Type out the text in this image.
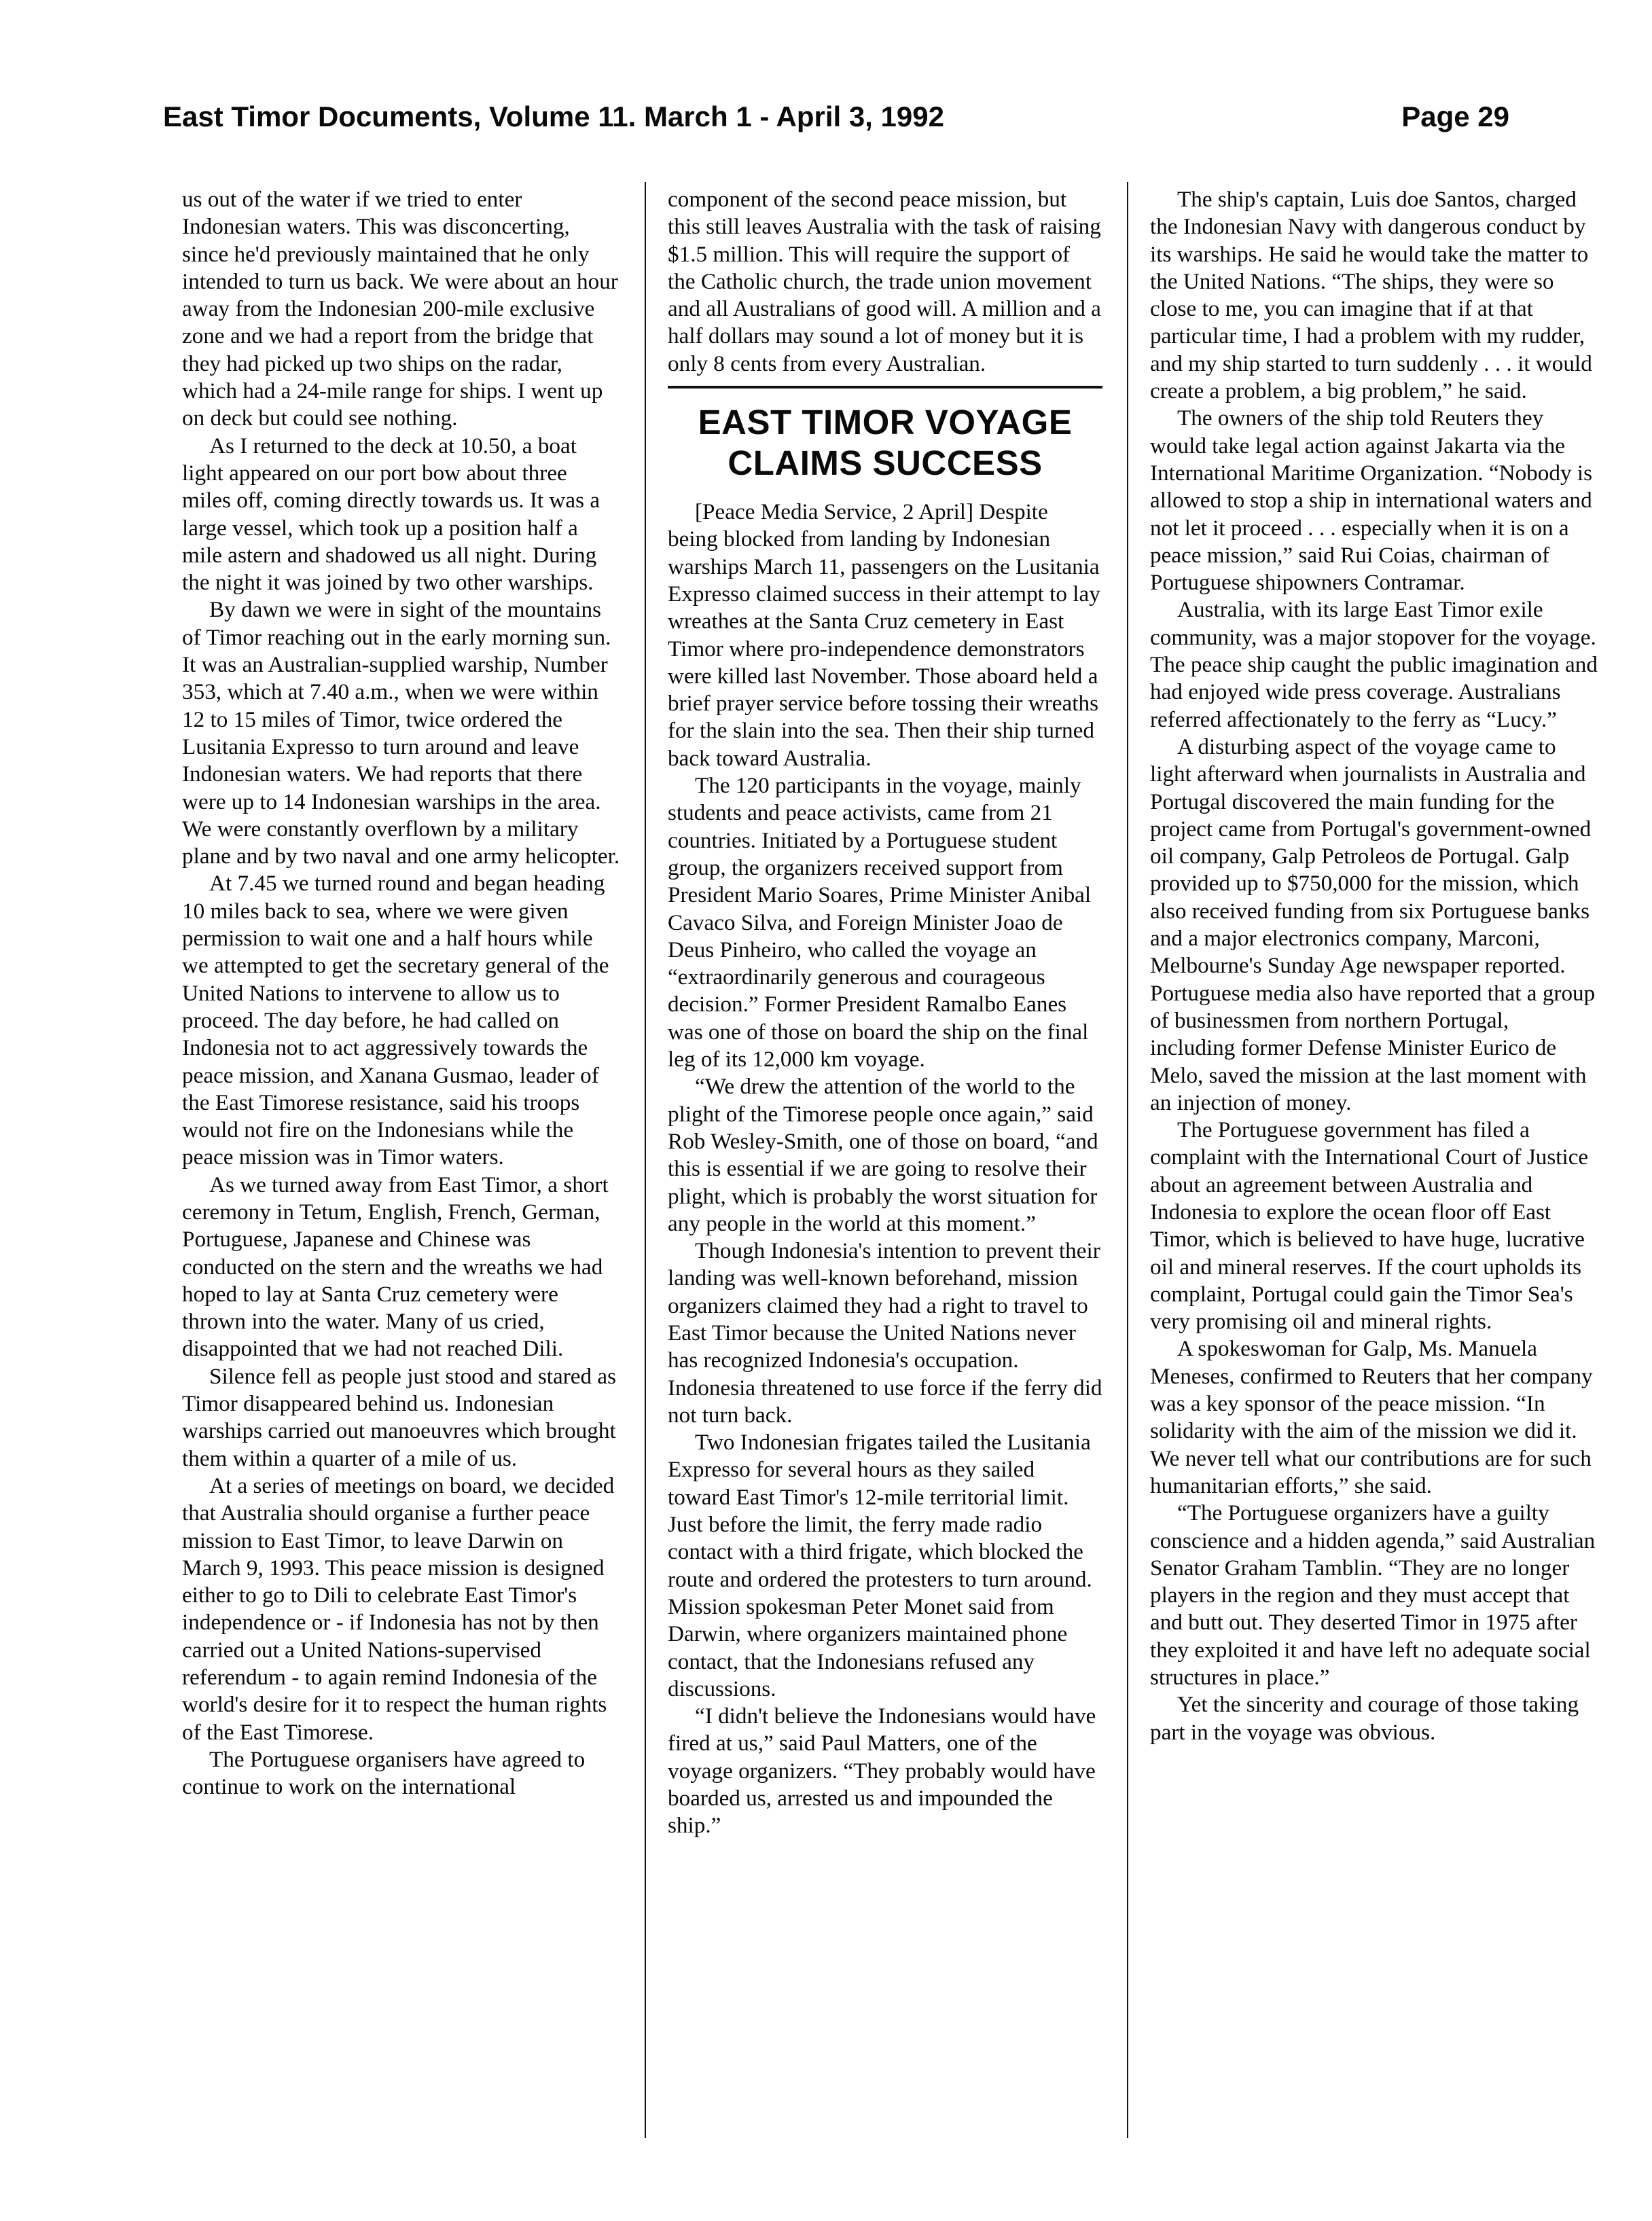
East Timor Documents, Volume 11. March 1 - April 3, 1992	Page 29

us out of the water if we tried to enter Indonesian waters. This was disconcerting, since he'd previously maintained that he only intended to turn us back. We were about an hour away from the Indonesian 200-mile exclusive zone and we had a report from the bridge that they had picked up two ships on the radar, which had a 24-mile range for ships. I went up on deck but could see nothing.

As I returned to the deck at 10.50, a boat light appeared on our port bow about three miles off, coming directly towards us. It was a large vessel, which took up a position half a mile astern and shadowed us all night. During the night it was joined by two other warships.

By dawn we were in sight of the mountains of Timor reaching out in the early morning sun. It was an Australian-supplied warship, Number 353, which at 7.40 a.m., when we were within 12 to 15 miles of Timor, twice ordered the Lusitania Expresso to turn around and leave Indonesian waters. We had reports that there were up to 14 Indonesian warships in the area. We were constantly overflown by a military plane and by two naval and one army helicopter.

At 7.45 we turned round and began heading 10 miles back to sea, where we were given permission to wait one and a half hours while we attempted to get the secretary general of the United Nations to intervene to allow us to proceed. The day before, he had called on Indonesia not to act aggressively towards the peace mission, and Xanana Gusmao, leader of the East Timorese resistance, said his troops would not fire on the Indonesians while the peace mission was in Timor waters.

As we turned away from East Timor, a short ceremony in Tetum, English, French, German, Portuguese, Japanese and Chinese was conducted on the stern and the wreaths we had hoped to lay at Santa Cruz cemetery were thrown into the water. Many of us cried, disappointed that we had not reached Dili.

Silence fell as people just stood and stared as Timor disappeared behind us. Indonesian warships carried out manoeuvres which brought them within a quarter of a mile of us.

At a series of meetings on board, we decided that Australia should organise a further peace mission to East Timor, to leave Darwin on March 9, 1993. This peace mission is designed either to go to Dili to celebrate East Timor's independence or - if Indonesia has not by then carried out a United Nations-supervised referendum - to again remind Indonesia of the world's desire for it to respect the human rights of the East Timorese.

The Portuguese organisers have agreed to continue to work on the international

component of the second peace mission, but this still leaves Australia with the task of raising $1.5 million. This will require the support of the Catholic church, the trade union movement and all Australians of good will. A million and a half dollars may sound a lot of money but it is only 8 cents from every Australian.

EAST TIMOR VOYAGE CLAIMS SUCCESS

[Peace Media Service, 2 April] Despite being blocked from landing by Indonesian warships March 11, passengers on the Lusitania Expresso claimed success in their attempt to lay wreathes at the Santa Cruz cemetery in East Timor where pro-independence demonstrators were killed last November. Those aboard held a brief prayer service before tossing their wreaths for the slain into the sea. Then their ship turned back toward Australia.

The 120 participants in the voyage, mainly students and peace activists, came from 21 countries. Initiated by a Portuguese student group, the organizers received support from President Mario Soares, Prime Minister Anibal Cavaco Silva, and Foreign Minister Joao de Deus Pinheiro, who called the voyage an “extraordinarily generous and courageous decision.” Former President Ramalbo Eanes was one of those on board the ship on the final leg of its 12,000 km voyage.

“We drew the attention of the world to the plight of the Timorese people once again,” said Rob Wesley-Smith, one of those on board, “and this is essential if we are going to resolve their plight, which is probably the worst situation for any people in the world at this moment.”

Though Indonesia's intention to prevent their landing was well-known beforehand, mission organizers claimed they had a right to travel to East Timor because the United Nations never has recognized Indonesia's occupation. Indonesia threatened to use force if the ferry did not turn back.

Two Indonesian frigates tailed the Lusitania Expresso for several hours as they sailed toward East Timor's 12-mile territorial limit. Just before the limit, the ferry made radio contact with a third frigate, which blocked the route and ordered the protesters to turn around. Mission spokesman Peter Monet said from Darwin, where organizers maintained phone contact, that the Indonesians refused any discussions.

“I didn't believe the Indonesians would have fired at us,” said Paul Matters, one of the voyage organizers. “They probably would have boarded us, arrested us and impounded the ship.”

The ship's captain, Luis doe Santos, charged the Indonesian Navy with dangerous conduct by its warships. He said he would take the matter to the United Nations. “The ships, they were so close to me, you can imagine that if at that particular time, I had a problem with my rudder, and my ship started to turn suddenly . . . it would create a problem, a big problem,” he said.

The owners of the ship told Reuters they would take legal action against Jakarta via the International Maritime Organization. “Nobody is allowed to stop a ship in international waters and not let it proceed . . . especially when it is on a peace mission,” said Rui Coias, chairman of Portuguese shipowners Contramar.

Australia, with its large East Timor exile community, was a major stopover for the voyage. The peace ship caught the public imagination and had enjoyed wide press coverage. Australians referred affectionately to the ferry as “Lucy.”

A disturbing aspect of the voyage came to light afterward when journalists in Australia and Portugal discovered the main funding for the project came from Portugal's government-owned oil company, Galp Petroleos de Portugal. Galp provided up to $750,000 for the mission, which also received funding from six Portuguese banks and a major electronics company, Marconi, Melbourne's Sunday Age newspaper reported. Portuguese media also have reported that a group of businessmen from northern Portugal, including former Defense Minister Eurico de Melo, saved the mission at the last moment with an injection of money.

The Portuguese government has filed a complaint with the International Court of Justice about an agreement between Australia and Indonesia to explore the ocean floor off East Timor, which is believed to have huge, lucrative oil and mineral reserves. If the court upholds its complaint, Portugal could gain the Timor Sea's very promising oil and mineral rights.

A spokeswoman for Galp, Ms. Manuela Meneses, confirmed to Reuters that her company was a key sponsor of the peace mission. “In solidarity with the aim of the mission we did it. We never tell what our contributions are for such humanitarian efforts,” she said.

“The Portuguese organizers have a guilty conscience and a hidden agenda,” said Australian Senator Graham Tamblin. “They are no longer players in the region and they must accept that and butt out. They deserted Timor in 1975 after they exploited it and have left no adequate social structures in place.”

Yet the sincerity and courage of those taking part in the voyage was obvious.
